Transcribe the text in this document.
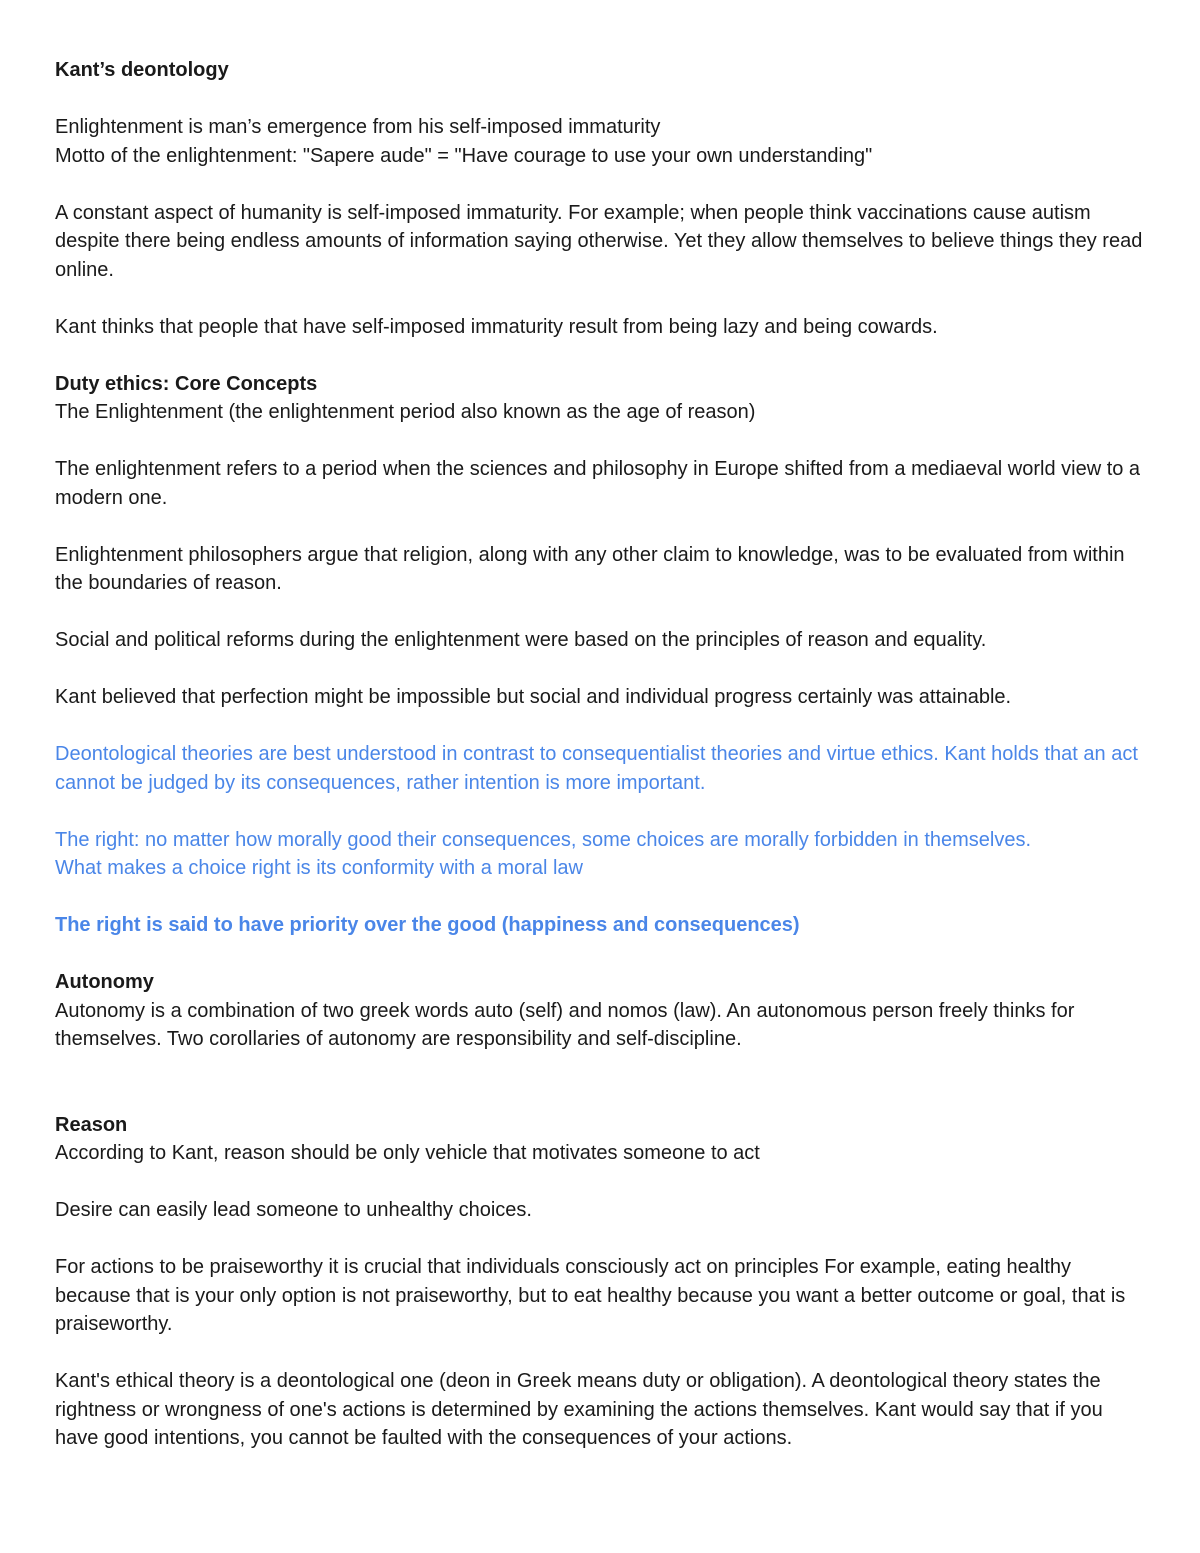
Kant’s deontology

Enlightenment is man’s emergence from his self-imposed immaturity

Motto of the enlightenment: "Sapere aude" = "Have courage to use your own understanding"

A constant aspect of humanity is self-imposed immaturity. For example; when people think vaccinations cause autism despite there being endless amounts of information saying otherwise. Yet they allow themselves to believe things they read online.

Kant thinks that people that have self-imposed immaturity result from being lazy and being cowards.

Duty ethics: Core Concepts

The Enlightenment (the enlightenment period also known as the age of reason)

The enlightenment refers to a period when the sciences and philosophy in Europe shifted from a mediaeval world view to a modern one.

Enlightenment philosophers argue that religion, along with any other claim to knowledge, was to be evaluated from within the boundaries of reason.

Social and political reforms during the enlightenment were based on the principles of reason and equality.

Kant believed that perfection might be impossible but social and individual progress certainly was attainable.

Deontological theories are best understood in contrast to consequentialist theories and virtue ethics. Kant holds that an act cannot be judged by its consequences, rather intention is more important.

The right: no matter how morally good their consequences, some choices are morally forbidden in themselves.

What makes a choice right is its conformity with a moral law

The right is said to have priority over the good (happiness and consequences)

Autonomy

Autonomy is a combination of two greek words auto (self) and nomos (law). An autonomous person freely thinks for themselves. Two corollaries of autonomy are responsibility and self-discipline.

Reason

According to Kant, reason should be only vehicle that motivates someone to act

Desire can easily lead someone to unhealthy choices.

For actions to be praiseworthy it is crucial that individuals consciously act on principles For example, eating healthy because that is your only option is not praiseworthy, but to eat healthy because you want a better outcome or goal, that is praiseworthy.

Kant's ethical theory is a deontological one (deon in Greek means duty or obligation). A deontological theory states the rightness or wrongness of one's actions is determined by examining the actions themselves. Kant would say that if you have good intentions, you cannot be faulted with the consequences of your actions.
